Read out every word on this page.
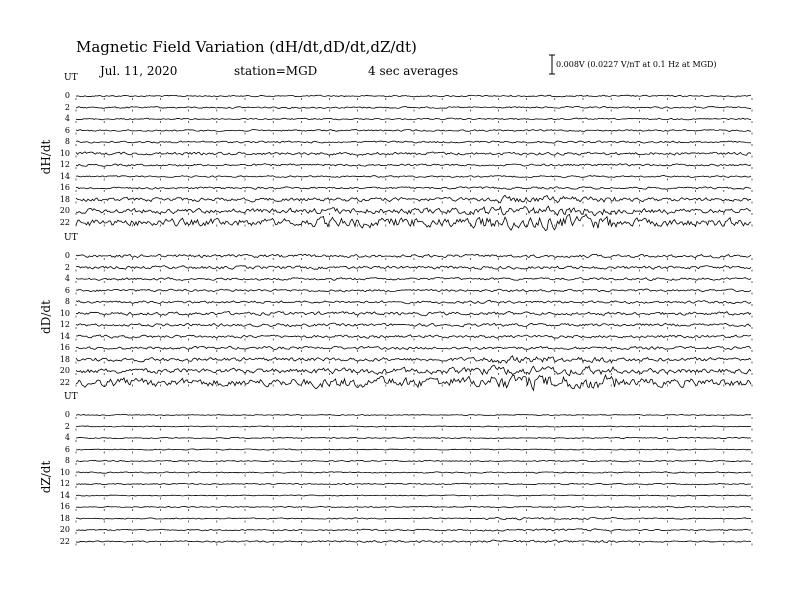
Magnetic Field Variation (dH/dt,dD/dt,dZ/dt)
Jul. 11, 2020	station=MGD	4 sec averages	0.008V (0.0227 V/nT at 0.1 Hz at MGD)
dH/dt
dD/dt
dZ/dt
UT
0
2
4
6
8
10
12
14
16
18
20
22
UT
0
2
4
6
8
10
12
14
16
18
20
22
UT
0
2
4
6
8
10
12
14
16
18
20
22
